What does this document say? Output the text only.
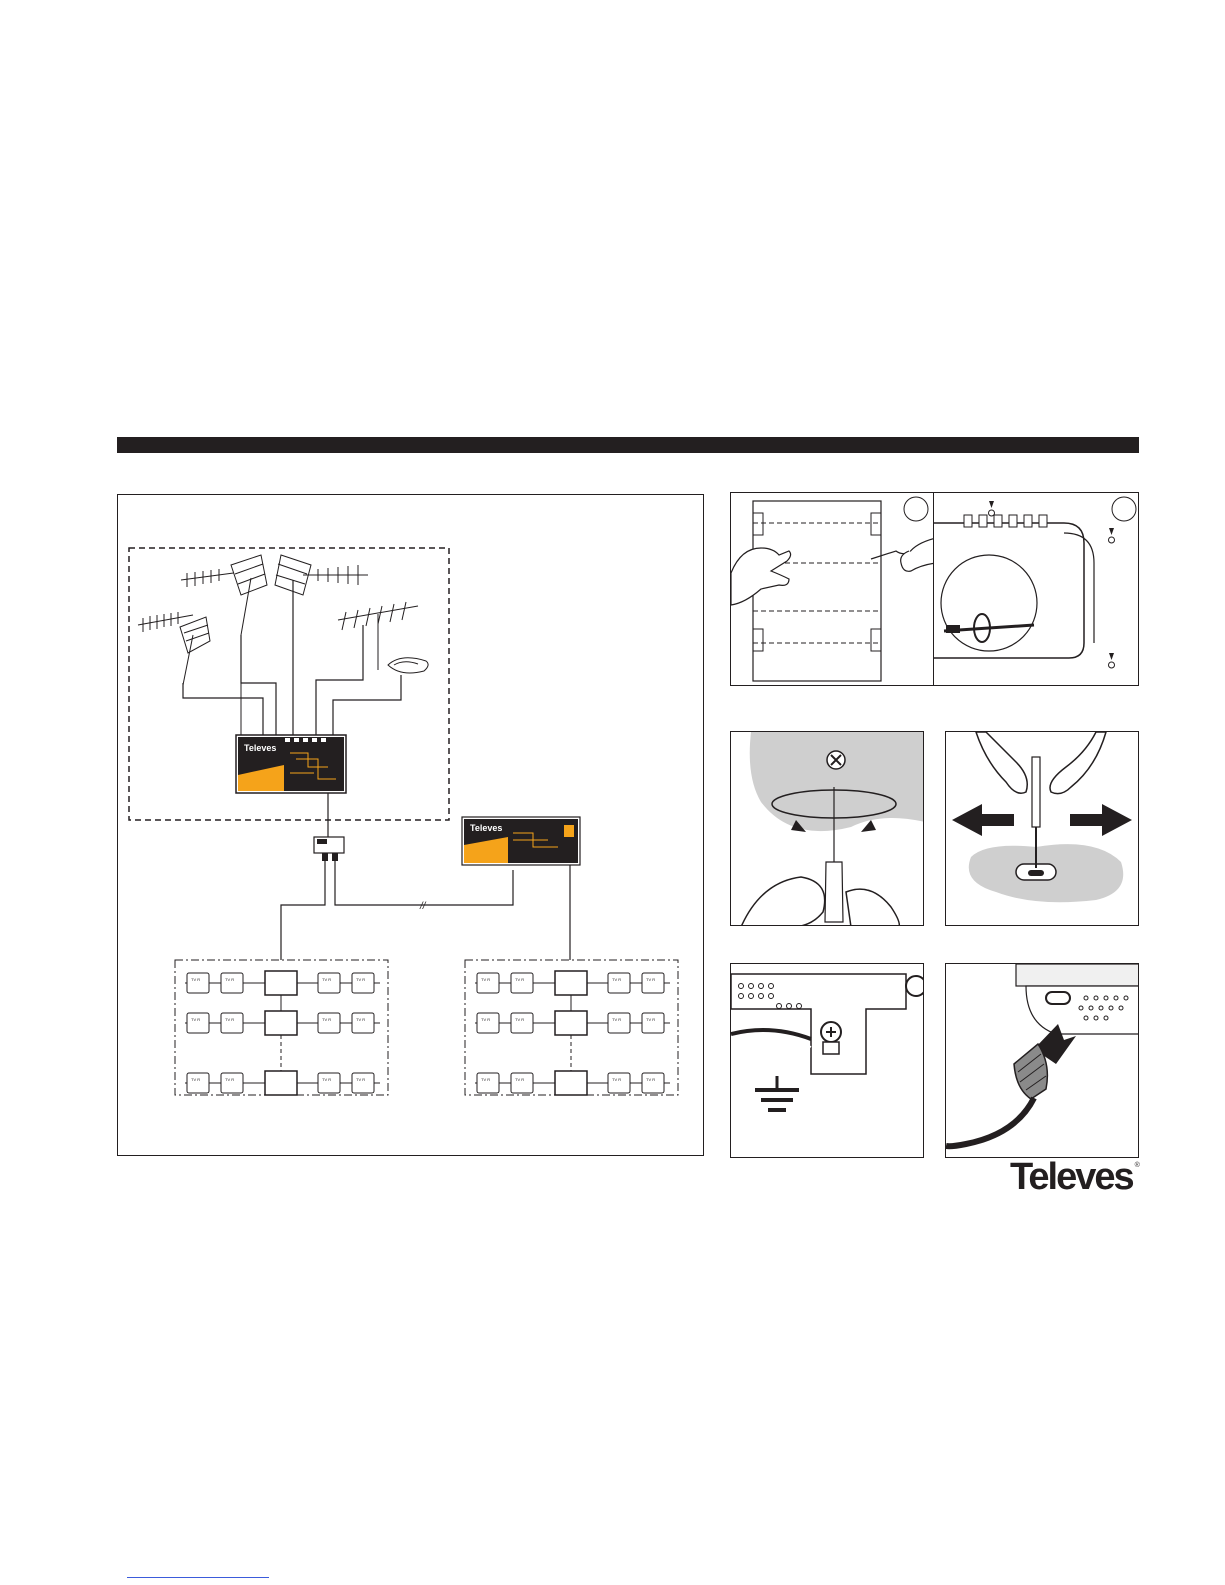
Televes
//
Televes
TV R	TV R	TV R	TV R
TV R	TV R	TV R	TV R
TV R	TV R	TV R	TV R
TV R	TV R	TV R	TV R
TV R	TV R	TV R	TV R
TV R	TV R	TV R	TV R
Televes ®
